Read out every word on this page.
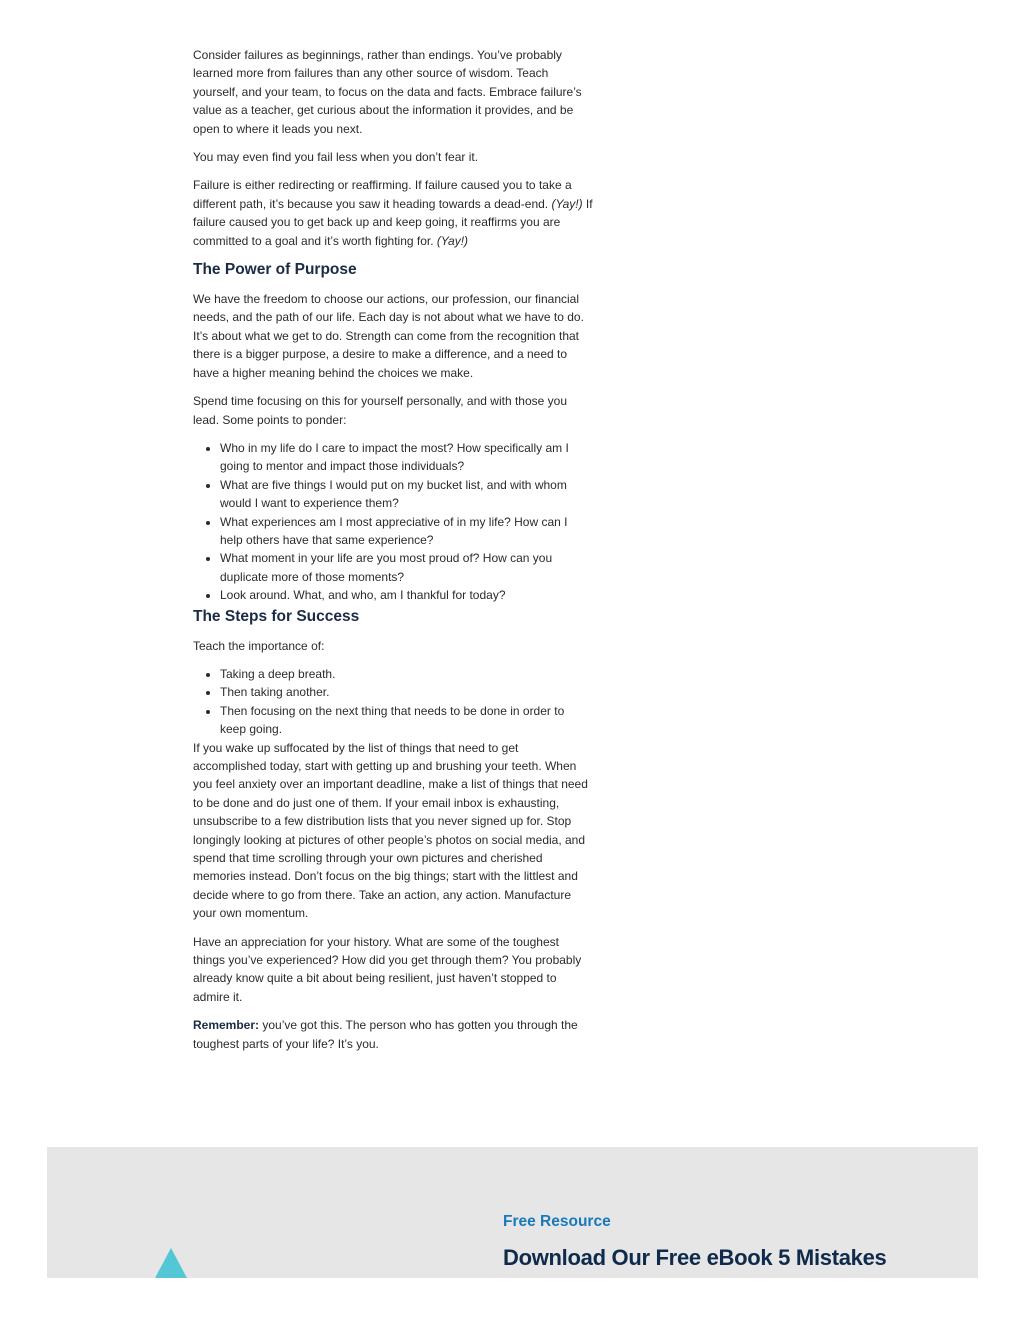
Consider failures as beginnings, rather than endings. You’ve probably learned more from failures than any other source of wisdom. Teach yourself, and your team, to focus on the data and facts. Embrace failure’s value as a teacher, get curious about the information it provides, and be open to where it leads you next.

You may even find you fail less when you don’t fear it.

Failure is either redirecting or reaffirming. If failure caused you to take a different path, it’s because you saw it heading towards a dead-end. (Yay!) If failure caused you to get back up and keep going, it reaffirms you are committed to a goal and it’s worth fighting for. (Yay!)

The Power of Purpose

We have the freedom to choose our actions, our profession, our financial needs, and the path of our life. Each day is not about what we have to do. It’s about what we get to do. Strength can come from the recognition that there is a bigger purpose, a desire to make a difference, and a need to have a higher meaning behind the choices we make.

Spend time focusing on this for yourself personally, and with those you lead. Some points to ponder:

• Who in my life do I care to impact the most? How specifically am I going to mentor and impact those individuals?
• What are five things I would put on my bucket list, and with whom would I want to experience them?
• What experiences am I most appreciative of in my life? How can I help others have that same experience?
• What moment in your life are you most proud of? How can you duplicate more of those moments?
• Look around. What, and who, am I thankful for today?
The Steps for Success

Teach the importance of:

• Taking a deep breath.
• Then taking another.
• Then focusing on the next thing that needs to be done in order to keep going.

If you wake up suffocated by the list of things that need to get accomplished today, start with getting up and brushing your teeth. When you feel anxiety over an important deadline, make a list of things that need to be done and do just one of them. If your email inbox is exhausting, unsubscribe to a few distribution lists that you never signed up for. Stop longingly looking at pictures of other people’s photos on social media, and spend that time scrolling through your own pictures and cherished memories instead. Don’t focus on the big things; start with the littlest and decide where to go from there. Take an action, any action. Manufacture your own momentum.

Have an appreciation for your history. What are some of the toughest things you’ve experienced? How did you get through them? You probably already know quite a bit about being resilient, just haven’t stopped to admire it.

Remember: you’ve got this. The person who has gotten you through the toughest parts of your life? It’s you.

Free Resource
Download Our Free eBook 5 Mistakes
